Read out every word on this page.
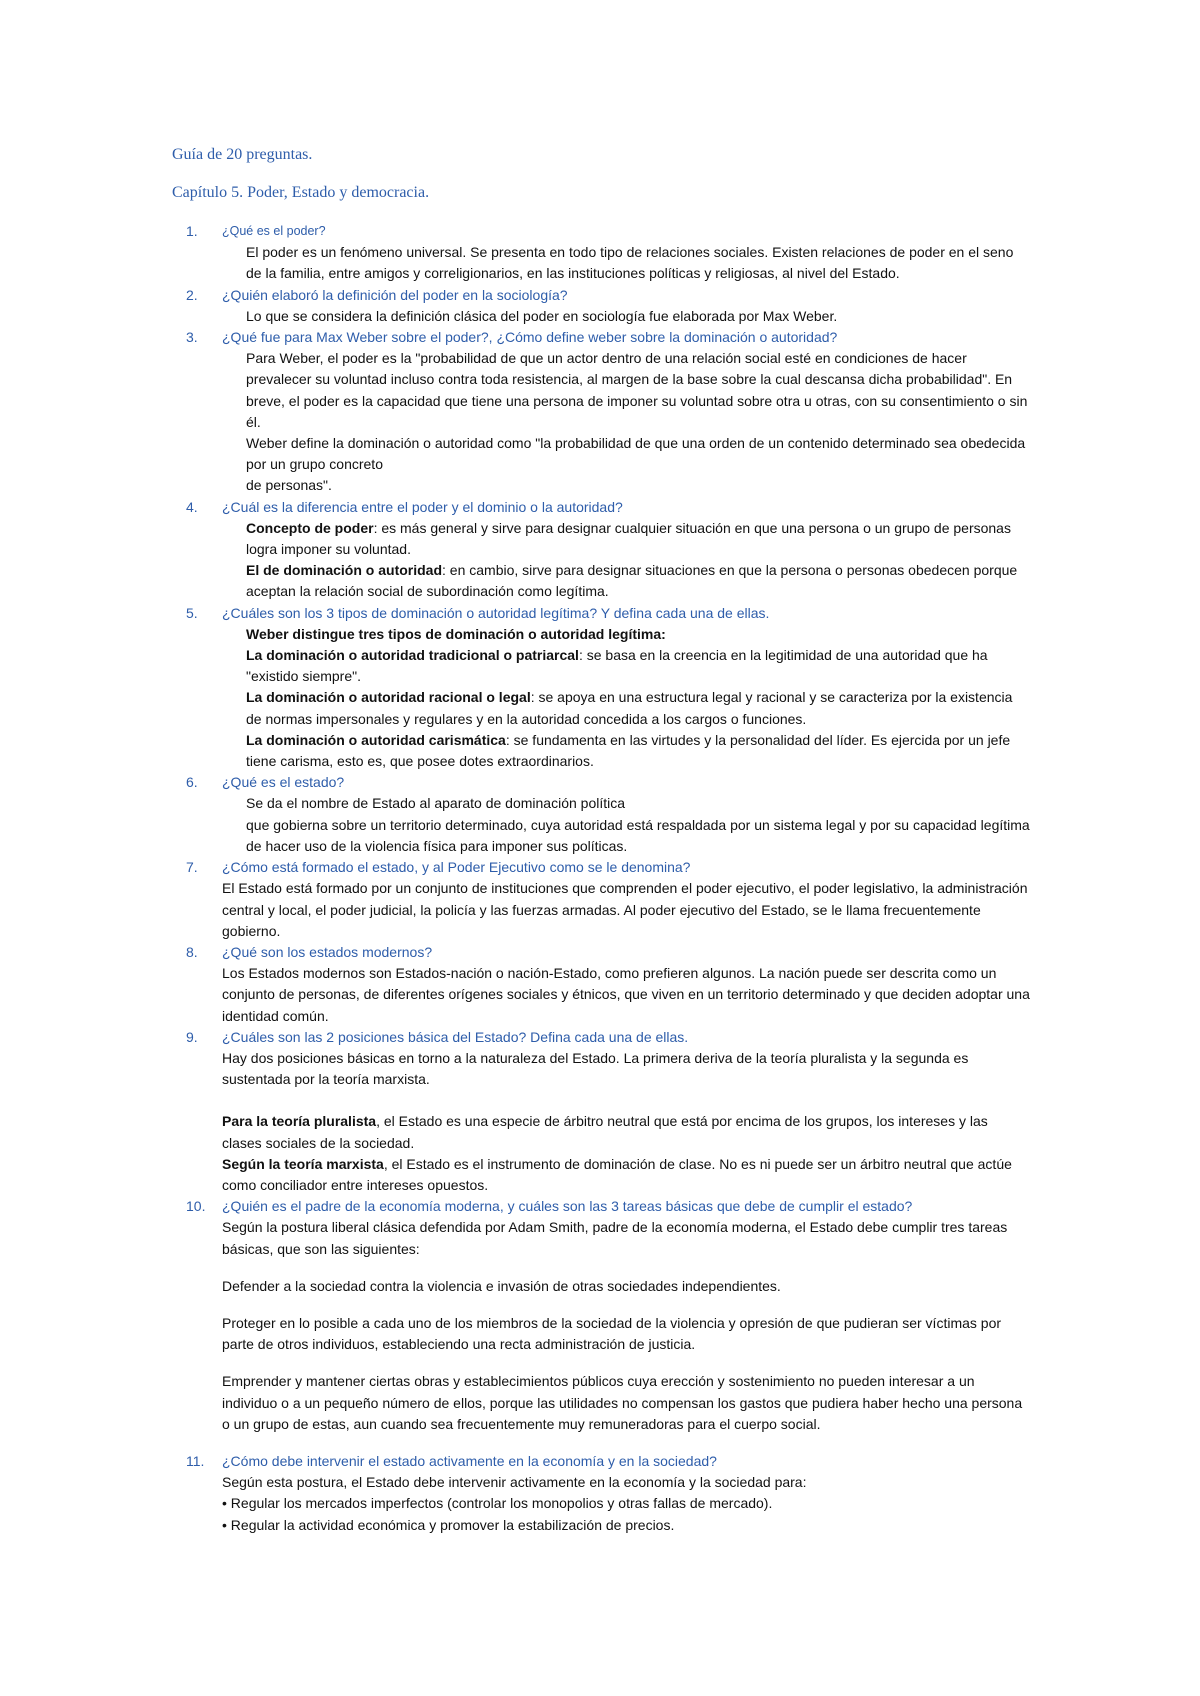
Guía de 20 preguntas.

Capítulo 5. Poder, Estado y democracia.

1. ¿Qué es el poder?

El poder es un fenómeno universal. Se presenta en todo tipo de relaciones sociales. Existen relaciones de poder en el seno de la familia, entre amigos y correligionarios, en las instituciones políticas y religiosas, al nivel del Estado.

2. ¿Quién elaboró la definición del poder en la sociología?

Lo que se considera la definición clásica del poder en sociología fue elaborada por Max Weber.

3. ¿Qué fue para Max Weber sobre el poder?, ¿Cómo define weber sobre la dominación o autoridad?

Para Weber, el poder es la "probabilidad de que un actor dentro de una relación social esté en condiciones de hacer prevalecer su voluntad incluso contra toda resistencia, al margen de la base sobre la cual descansa dicha probabilidad". En breve, el poder es la capacidad que tiene una persona de imponer su voluntad sobre otra u otras, con su consentimiento o sin él.

Weber define la dominación o autoridad como "la probabilidad de que una orden de un contenido determinado sea obedecida por un grupo concreto

de personas".

4. ¿Cuál es la diferencia entre el poder y el dominio o la autoridad?

Concepto de poder: es más general y sirve para designar cualquier situación en que una persona o un grupo de personas logra imponer su voluntad.

El de dominación o autoridad: en cambio, sirve para designar situaciones en que la persona o personas obedecen porque aceptan la relación social de subordinación como legítima.

5. ¿Cuáles son los 3 tipos de dominación o autoridad legítima? Y defina cada una de ellas.

Weber distingue tres tipos de dominación o autoridad legítima:

La dominación o autoridad tradicional o patriarcal: se basa en la creencia en la legitimidad de una autoridad que ha "existido siempre".

La dominación o autoridad racional o legal: se apoya en una estructura legal y racional y se caracteriza por la existencia de normas impersonales y regulares y en la autoridad concedida a los cargos o funciones.

La dominación o autoridad carismática: se fundamenta en las virtudes y la personalidad del líder. Es ejercida por un jefe tiene carisma, esto es, que posee dotes extraordinarios.

6. ¿Qué es el estado?

Se da el nombre de Estado al aparato de dominación política

que gobierna sobre un territorio determinado, cuya autoridad está respaldada por un sistema legal y por su capacidad legítima de hacer uso de la violencia física para imponer sus políticas.

7. ¿Cómo está formado el estado, y al Poder Ejecutivo como se le denomina?

El Estado está formado por un conjunto de instituciones que comprenden el poder ejecutivo, el poder legislativo, la administración central y local, el poder judicial, la policía y las fuerzas armadas. Al poder ejecutivo del Estado, se le llama frecuentemente gobierno.

8. ¿Qué son los estados modernos?

Los Estados modernos son Estados-nación o nación-Estado, como prefieren algunos. La nación puede ser descrita como un conjunto de personas, de diferentes orígenes sociales y étnicos, que viven en un territorio determinado y que deciden adoptar una identidad común.

9. ¿Cuáles son las 2 posiciones básica del Estado? Defina cada una de ellas.

Hay dos posiciones básicas en torno a la naturaleza del Estado. La primera deriva de la teoría pluralista y la segunda es sustentada por la teoría marxista.

Para la teoría pluralista, el Estado es una especie de árbitro neutral que está por encima de los grupos, los intereses y las clases sociales de la sociedad.

Según la teoría marxista, el Estado es el instrumento de dominación de clase. No es ni puede ser un árbitro neutral que actúe como conciliador entre intereses opuestos.

10. ¿Quién es el padre de la economía moderna, y cuáles son las 3 tareas básicas que debe de cumplir el estado?

Según la postura liberal clásica defendida por Adam Smith, padre de la economía moderna, el Estado debe cumplir tres tareas básicas, que son las siguientes:

Defender a la sociedad contra la violencia e invasión de otras sociedades independientes.

Proteger en lo posible a cada uno de los miembros de la sociedad de la violencia y opresión de que pudieran ser víctimas por parte de otros individuos, estableciendo una recta administración de justicia.

Emprender y mantener ciertas obras y establecimientos públicos cuya erección y sostenimiento no pueden interesar a un individuo o a un pequeño número de ellos, porque las utilidades no compensan los gastos que pudiera haber hecho una persona o un grupo de estas, aun cuando sea frecuentemente muy remuneradoras para el cuerpo social.

11. ¿Cómo debe intervenir el estado activamente en la economía y en la sociedad?

Según esta postura, el Estado debe intervenir activamente en la economía y la sociedad para:

• Regular los mercados imperfectos (controlar los monopolios y otras fallas de mercado).

• Regular la actividad económica y promover la estabilización de precios.
